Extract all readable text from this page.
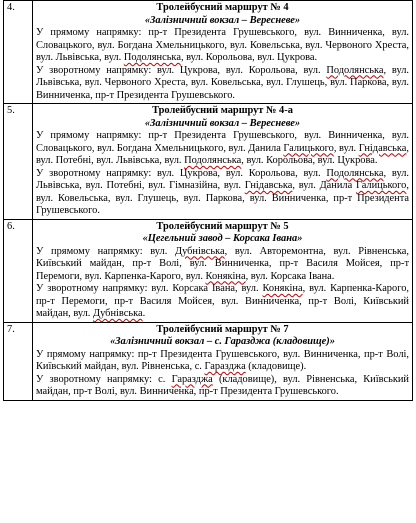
4.	Тролейбусний маршрут № 4
«Залізничний вокзал – Вересневе»
У прямому напрямку: пр-т Президента Грушевського, вул. Винниченка, вул. Словацького, вул. Богдана Хмельницького, вул. Ковельська, вул. Червоного Хреста, вул. Львівська, вул. Подолянська, вул. Корольова, вул. Цукрова.
У зворотному напрямку: вул. Цукрова, вул. Корольова, вул. Подолянська, вул. Львівська, вул. Червоного Хреста, вул. Ковельська, вул. Глушець, вул. Паркова, вул. Винниченка, пр-т Президента Грушевського.

5.	Тролейбусний маршрут № 4-а
«Залізничний вокзал – Вересневе»
У прямому напрямку: пр-т Президента Грушевського, вул. Винниченка, вул. Словацького, вул. Богдана Хмельницького, вул. Данила Галицького, вул. Гнідавська, вул. Потебні, вул. Львівська, вул. Подолянська, вул. Корольова, вул. Цукрова.
У зворотному напрямку: вул. Цукрова, вул. Корольова, вул. Подолянська, вул. Львівська, вул. Потебні, вул. Гімназійна, вул. Гнідавська, вул. Данила Галицького, вул. Ковельська, вул. Глушець, вул. Паркова, вул. Винниченка, пр-т Президента Грушевського.

6.	Тролейбусний маршрут № 5
«Цегельний завод – Корсака Івана»
У прямому напрямку: вул. Дубнівська, вул. Авторемонтна, вул. Рівненська, Київський майдан, пр-т Волі, вул. Винниченка, пр-т Василя Мойсея, пр-т Перемоги, вул. Карпенка-Карого, вул. Конякіна, вул. Корсака Івана.
У зворотному напрямку: вул. Корсака Івана, вул. Конякіна, вул. Карпенка-Карого, пр-т Перемоги, пр-т Василя Мойсея, вул. Винниченка, пр-т Волі, Київський майдан, вул. Дубнівська.

7.	Тролейбусний маршрут № 7
«Залізничний вокзал – с. Гаразджа (кладовище)»
У прямому напрямку: пр-т Президента Грушевського, вул. Винниченка, пр-т Волі, Київський майдан, вул. Рівненська, с. Гаразджа (кладовище).
У зворотному напрямку: с. Гаразджа (кладовище), вул. Рівненська, Київський майдан, пр-т Волі, вул. Винниченка, пр-т Президента Грушевського.
